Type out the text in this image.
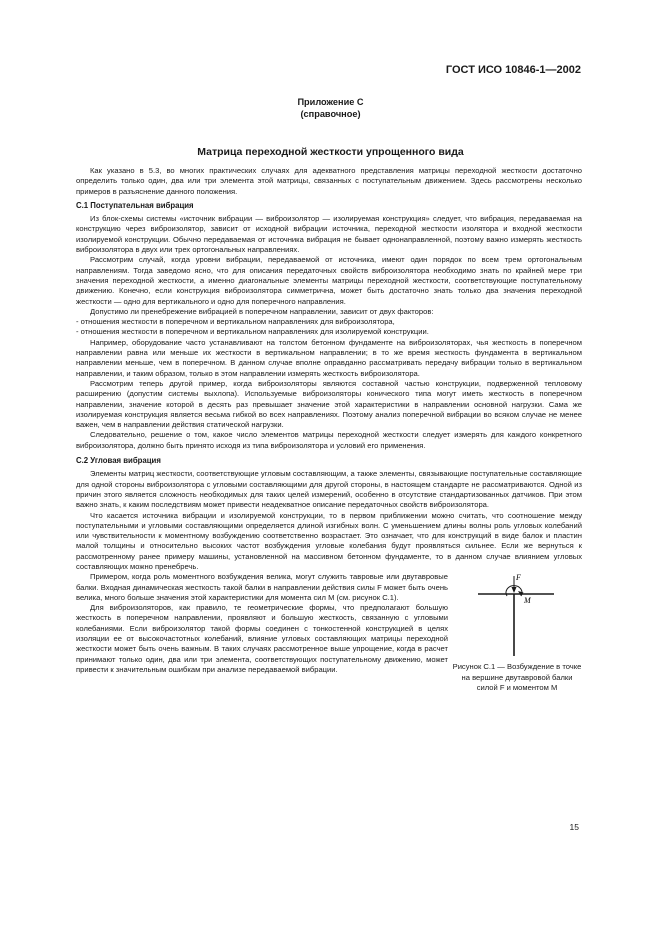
ГОСТ ИСО 10846-1—2002
Приложение С
(справочное)
Матрица переходной жесткости упрощенного вида

Как указано в 5.3, во многих практических случаях для адекватного представления матрицы переходной жесткости достаточно определить только один, два или три элемента этой матрицы, связанных с поступательным движением. Здесь рассмотрены несколько примеров в разъяснение данного положения.

С.1 Поступательная вибрация

Из блок-схемы системы «источник вибрации — виброизолятор — изолируемая конструкция» следует, что вибрация, передаваемая на конструкцию через виброизолятор, зависит от исходной вибрации источника, переходной жесткости изолятора и входной жесткости изолируемой конструкции. Обычно передаваемая от источника вибрация не бывает однонаправленной, поэтому важно измерять жесткость виброизолятора в двух или трех ортогональных направлениях.

Рассмотрим случай, когда уровни вибрации, передаваемой от источника, имеют один порядок по всем трем ортогональным направлениям. Тогда заведомо ясно, что для описания передаточных свойств виброизолятора необходимо знать по крайней мере три значения переходной жесткости, а именно диагональные элементы матрицы переходной жесткости, соответствующие поступательному движению. Конечно, если конструкция виброизолятора симметрична, может быть достаточно знать только два значения переходной жесткости — одно для вертикального и одно для поперечного направления.

Допустимо ли пренебрежение вибрацией в поперечном направлении, зависит от двух факторов:

- отношения жесткости в поперечном и вертикальном направлениях для виброизолятора,

- отношения жесткости в поперечном и вертикальном направлениях для изолируемой конструкции.

Например, оборудование часто устанавливают на толстом бетонном фундаменте на виброизоляторах, чья жесткость в поперечном направлении равна или меньше их жесткости в вертикальном направлении; в то же время жесткость фундамента в вертикальном направлении меньше, чем в поперечном. В данном случае вполне оправданно рассматривать передачу вибрации только в вертикальном направлении, и таким образом, только в этом направлении измерять жесткость виброизолятора.

Рассмотрим теперь другой пример, когда виброизоляторы являются составной частью конструкции, подверженной тепловому расширению (допустим системы выхлопа). Используемые виброизоляторы конического типа могут иметь жесткость в поперечном направлении, значение которой в десять раз превышает значение этой характеристики в направлении основной нагрузки. Сама же изолируемая конструкция является весьма гибкой во всех направлениях. Поэтому анализ поперечной вибрации во всяком случае не менее важен, чем в направлении действия статической нагрузки.

Следовательно, решение о том, какое число элементов матрицы переходной жесткости следует измерять для каждого конкретного виброизолятора, должно быть принято исходя из типа виброизолятора и условий его применения.

С.2 Угловая вибрация

Элементы матриц жесткости, соответствующие угловым составляющим, а также элементы, связывающие поступательные составляющие для одной стороны виброизолятора с угловыми составляющими для другой стороны, в настоящем стандарте не рассматриваются. Одной из причин этого является сложность необходимых для таких целей измерений, особенно в отсутствие стандартизованных датчиков. При этом важно знать, к каким последствиям может привести неадекватное описание передаточных свойств виброизолятора.

Что касается источника вибрации и изолируемой конструкции, то в первом приближении можно считать, что соотношение между поступательными и угловыми составляющими определяется длиной изгибных волн. С уменьшением длины волны роль угловых колебаний или чувствительности к моментному возбуждению соответственно возрастает. Это означает, что для конструкций в виде балок и пластин малой толщины и относительно высоких частот возбуждения угловые колебания будут проявляться сильнее. Если же вернуться к рассмотренному ранее примеру машины, установленной на массивном бетонном фундаменте, то в данном случае влиянием угловых составляющих можно пренебречь.

Примером, когда роль моментного возбуждения велика, могут служить тавровые или двутавровые балки. Входная динамическая жесткость такой балки в направлении действия силы F может быть очень велика, много больше значения этой характеристики для момента сил M (см. рисунок С.1).

Для виброизоляторов, как правило, те геометрические формы, что предполагают большую жесткость в поперечном направлении, проявляют и большую жесткость, связанную с угловыми колебаниями. Если виброизолятор такой формы соединен с тонкостенной конструкцией в целях изоляции ее от высокочастотных колебаний, влияние угловых составляющих матрицы переходной жесткости может быть очень важным. В таких случаях рассмотренное выше упрощение, когда в расчет принимают только один, два или три элемента, соответствующих поступательному движению, может привести к значительным ошибкам при анализе передаваемой вибрации.

F
M
Рисунок С.1 — Возбуждение в точке на вершине двутавровой балки силой F и моментом M
15
